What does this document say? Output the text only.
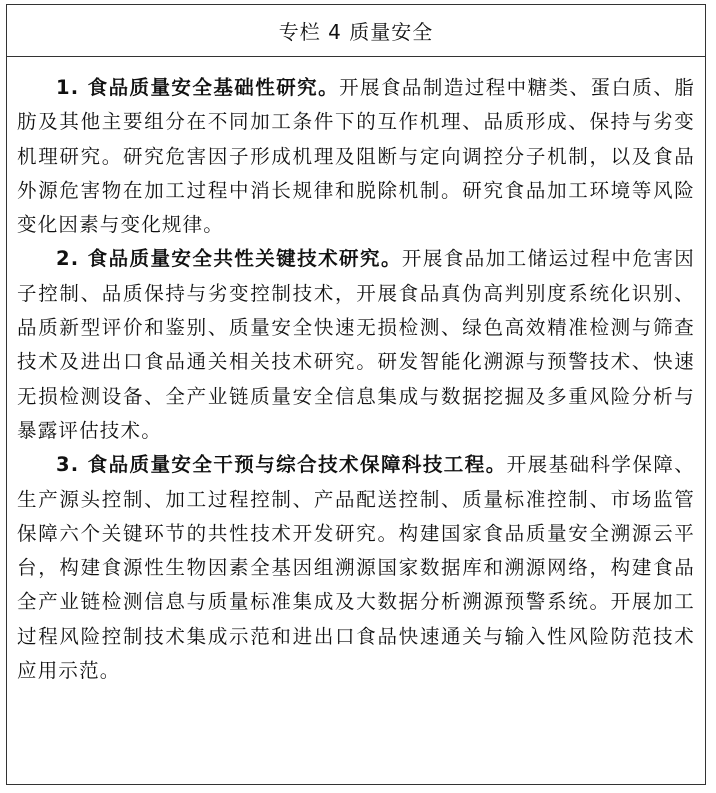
专栏 4 质量安全

1. 食品质量安全基础性研究。开展食品制造过程中糖类、蛋白质、脂肪及其他主要组分在不同加工条件下的互作机理、品质形成、保持与劣变机理研究。研究危害因子形成机理及阻断与定向调控分子机制，以及食品外源危害物在加工过程中消长规律和脱除机制。研究食品加工环境等风险变化因素与变化规律。

2. 食品质量安全共性关键技术研究。开展食品加工储运过程中危害因子控制、品质保持与劣变控制技术，开展食品真伪高判别度系统化识别、品质新型评价和鉴别、质量安全快速无损检测、绿色高效精准检测与筛查技术及进出口食品通关相关技术研究。研发智能化溯源与预警技术、快速无损检测设备、全产业链质量安全信息集成与数据挖掘及多重风险分析与暴露评估技术。

3. 食品质量安全干预与综合技术保障科技工程。开展基础科学保障、生产源头控制、加工过程控制、产品配送控制、质量标准控制、市场监管保障六个关键环节的共性技术开发研究。构建国家食品质量安全溯源云平台，构建食源性生物因素全基因组溯源国家数据库和溯源网络，构建食品全产业链检测信息与质量标准集成及大数据分析溯源预警系统。开展加工过程风险控制技术集成示范和进出口食品快速通关与输入性风险防范技术应用示范。
